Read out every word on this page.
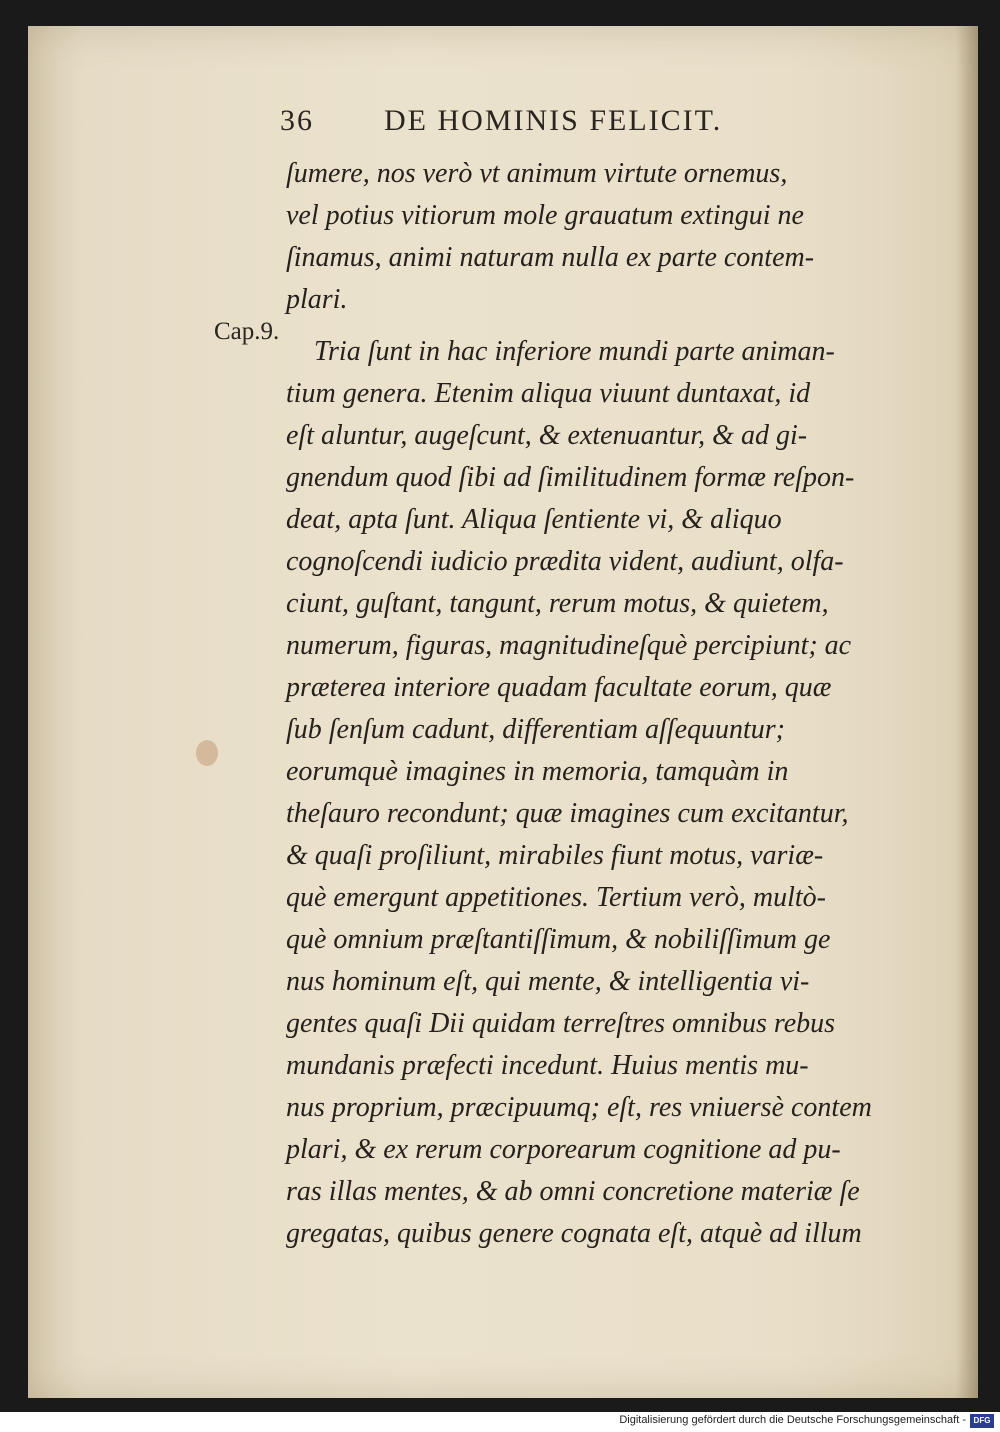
36 DE HOMINIS FELICIT.
Cap.9.
ſumere, nos verò vt animum virtute ornemus,
vel potius vitiorum mole grauatum extingui ne
ſinamus, animi naturam nulla ex parte contem-
plari.
Tria ſunt in hac inferiore mundi parte animan-
tium genera. Etenim aliqua viuunt duntaxat, id
eſt aluntur, augeſcunt, & extenuantur, & ad gi-
gnendum quod ſibi ad ſimilitudinem formæ reſpon-
deat, apta ſunt. Aliqua ſentiente vi, & aliquo
cognoſcendi iudicio prædita vident, audiunt, olfa-
ciunt, guſtant, tangunt, rerum motus, & quietem,
numerum, figuras, magnitudineſquè percipiunt; ac
præterea interiore quadam facultate eorum, quæ
ſub ſenſum cadunt, differentiam aſſequuntur;
eorumquè imagines in memoria, tamquàm in
theſauro recondunt; quæ imagines cum excitantur,
& quaſi proſiliunt, mirabiles fiunt motus, variæ-
què emergunt appetitiones. Tertium verò, multò-
què omnium præſtantiſſimum, & nobiliſſimum ge
nus hominum eſt, qui mente, & intelligentia vi-
gentes quaſi Dii quidam terreſtres omnibus rebus
mundanis præfecti incedunt. Huius mentis mu-
nus proprium, præcipuumq; eſt, res vniuersè contem
plari, & ex rerum corporearum cognitione ad pu-
ras illas mentes, & ab omni concretione materiæ ſe
gregatas, quibus genere cognata eſt, atquè ad illum
Digitalisierung gefördert durch die Deutsche Forschungsgemeinschaft - DFG
